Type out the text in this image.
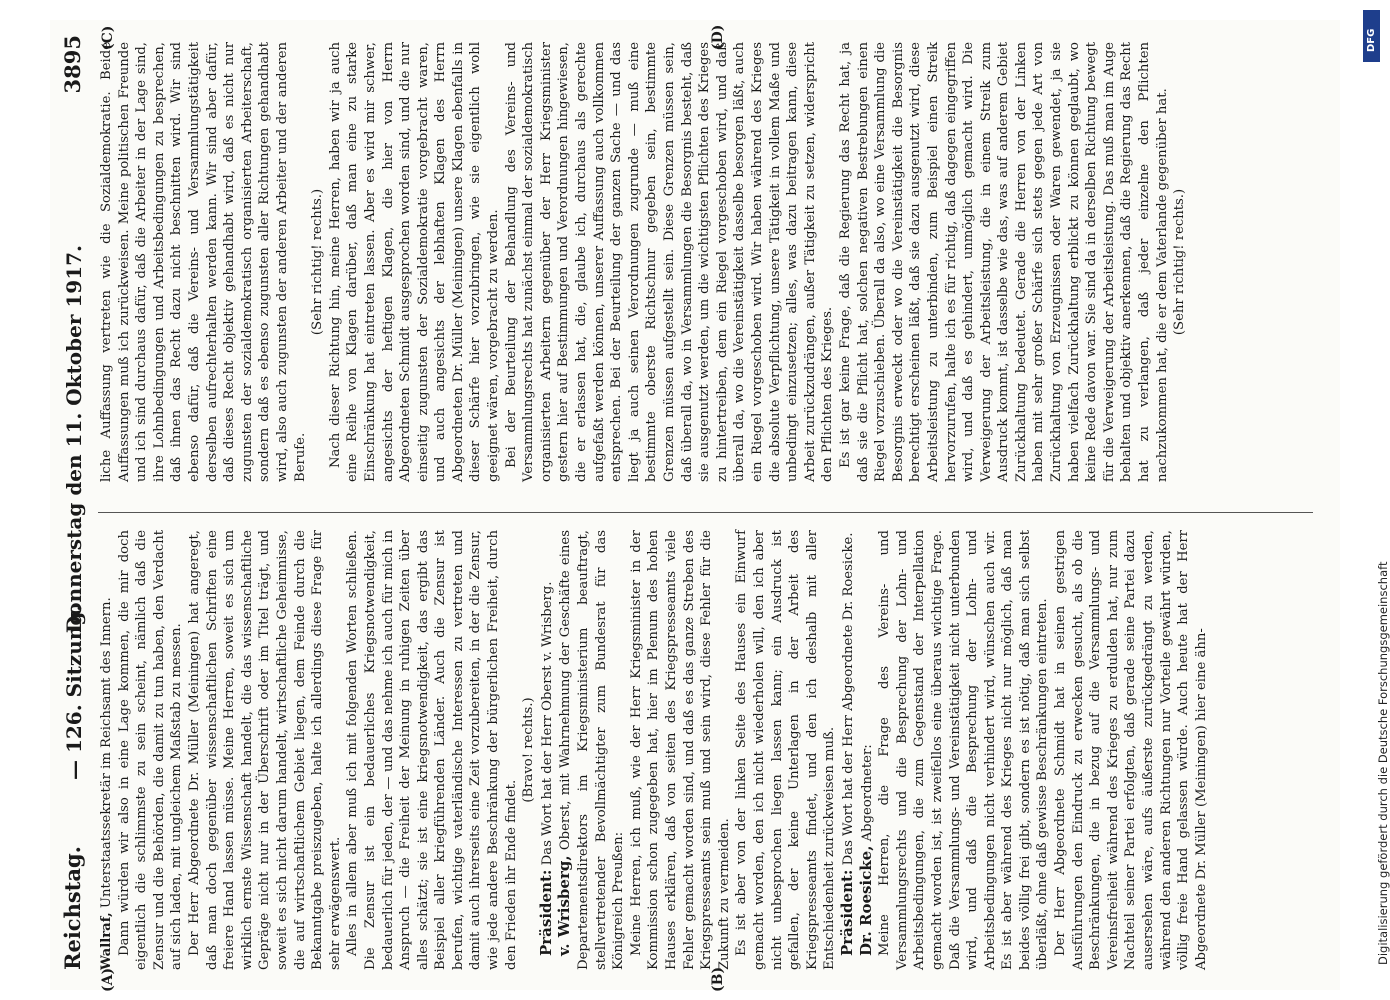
Reichstag.
— 126. Sitzung.
Donnerstag den 11. Oktober 1917.
3895
(A)	(B)
(C)	(D)

Wallraf, Unterstaatssekretär im Reichsamt des Innern. Dann würden wir also in eine Lage kommen, die mir doch eigentlich die schlimmste zu sein scheint, nämlich daß die Zensur und die Behörden, die damit zu tun haben, den Verdacht auf sich laden, mit ungleichem Maßstab zu messen. Der Herr Abgeordnete Dr. Müller (Meiningen) hat angeregt, daß man doch gegenüber wissenschaftlichen Schriften eine freiere Hand lassen müsse. Meine Herren, soweit es sich um wirklich ernste Wissenschaft handelt, die das wissenschaftliche Gepräge nicht nur in der Überschrift oder im Titel trägt, und soweit es sich nicht darum handelt, wirtschaftliche Geheimnisse, die auf wirtschaftlichem Gebiet liegen, dem Feinde durch die Bekanntgabe preiszugeben, halte ich allerdings diese Frage für sehr erwägenswert. Alles in allem aber muß ich mit folgenden Worten schließen. Die Zensur ist ein bedauerliches Kriegsnotwendigkeit, bedauerlich für jeden, der — und das nehme ich auch für mich in Anspruch — die Freiheit der Meinung in ruhigen Zeiten über alles schätzt; sie ist eine kriegsnotwendigkeit, das ergibt das Beispiel aller kriegführenden Länder. Auch die Zensur ist berufen, wichtige vaterländische Interessen zu vertreten und damit auch ihrerseits eine Zeit vorzubereiten, in der die Zensur, wie jede andere Beschränkung der bürgerlichen Freiheit, durch den Frieden ihr Ende findet.

(Bravo! rechts.)

Präsident: Das Wort hat der Herr Oberst v. Wrisberg.

v. Wrisberg, Oberst, mit Wahrnehmung der Geschäfte eines Departementsdirektors im Kriegsministerium beauftragt, stellvertretender Bevollmächtigter zum Bundesrat für das Königreich Preußen: Meine Herren, ich muß, wie der Herr Kriegsminister in der Kommission schon zugegeben hat, hier im Plenum des hohen Hauses erklären, daß von seiten des Kriegspresseamts viele Fehler gemacht worden sind, und daß es das ganze Streben des Kriegspresseamts sein muß und sein wird, diese Fehler für die Zukunft zu vermeiden. Es ist aber von der linken Seite des Hauses ein Einwurf gemacht worden, den ich nicht wiederholen will, den ich aber nicht unbesprochen liegen lassen kann; ein Ausdruck ist gefallen, der keine Unterlagen in der Arbeit des Kriegspresseamts findet, und den ich deshalb mit aller Entschiedenheit zurückweisen muß. Präsident: Das Wort hat der Herr Abgeordnete Dr. Roesicke.

Dr. Roesicke, Abgeordneter: Meine Herren, die Frage des Vereins- und Versammlungsrechts und die Besprechung der Lohn- und Arbeitsbedingungen, die zum Gegenstand der Interpellation gemacht worden ist, ist zweifellos eine überaus wichtige Frage. Daß die Versammlungs- und Vereinstätigkeit nicht unterbunden wird, und daß die Besprechung der Lohn- und Arbeitsbedingungen nicht verhindert wird, wünschen auch wir. Es ist aber während des Krieges nicht nur möglich, daß man beides völlig frei gibt, sondern es ist nötig, daß man sich selbst überläßt, ohne daß gewisse Beschränkungen eintreten. Der Herr Abgeordnete Schmidt hat in seinen gestrigen Ausführungen den Eindruck zu erwecken gesucht, als ob die Beschränkungen, die in bezug auf die Versammlungs- und Vereinsfreiheit während des Krieges zu erdulden hat, nur zum Nachteil seiner Partei erfolgten, daß gerade seine Partei dazu ausersehen wäre, aufs äußerste zurückgedrängt zu werden, während den anderen Richtungen nur Vorteile gewährt würden, völlig freie Hand gelassen würde. Auch heute hat der Herr Abgeordnete Dr. Müller (Meiningen) hier eine ähn-

liche Auffassung vertreten wie die Sozialdemokratie. Beide Auffassungen muß ich zurückweisen. Meine politischen Freunde und ich sind durchaus dafür, daß die Arbeiter in der Lage sind, ihre Lohnbedingungen und Arbeitsbedingungen zu besprechen, daß ihnen das Recht dazu nicht beschnitten wird. Wir sind ebenso dafür, daß die Vereins- und Versammlungstätigkeit derselben aufrechterhalten werden kann. Wir sind aber dafür, daß dieses Recht objektiv gehandhabt wird, daß es nicht nur zugunsten der sozialdemokratisch organisierten Arbeiterschaft, sondern daß es ebenso zugunsten aller Richtungen gehandhabt wird, also auch zugunsten der anderen Arbeiter und der anderen Berufe.

(Sehr richtig! rechts.) Nach dieser Richtung hin, meine Herren, haben wir ja auch eine Reihe von Klagen darüber, daß man eine zu starke Einschränkung hat eintreten lassen. Aber es wird mir schwer, angesichts der heftigen Klagen, die hier von Herrn Abgeordneten Schmidt ausgesprochen worden sind, und die nur einseitig zugunsten der Sozialdemokratie vorgebracht waren, und auch angesichts der lebhaften Klagen des Herrn Abgeordneten Dr. Müller (Meiningen) unsere Klagen ebenfalls in dieser Schärfe hier vorzubringen, wie sie eigentlich wohl geeignet wären, vorgebracht zu werden. Bei der Beurteilung der Behandlung des Vereins- und Versammlungsrechts hat zunächst einmal der sozialdemokratisch organisierten Arbeitern gegenüber der Herr Kriegsminister gestern hier auf Bestimmungen und Verordnungen hingewiesen, die er erlassen hat, die, glaube ich, durchaus als gerechte aufgefaßt werden können, unserer Auffassung auch vollkommen entsprechen. Bei der Beurteilung der ganzen Sache — und das liegt ja auch seinen Verordnungen zugrunde — muß eine bestimmte oberste Richtschnur gegeben sein, bestimmte Grenzen müssen aufgestellt sein. Diese Grenzen müssen sein, daß überall da, wo in Versammlungen die Besorgnis besteht, daß sie ausgenutzt werden, um die wichtigsten Pflichten des Krieges zu hintertreiben, dem ein Riegel vorgeschoben wird, und daß überall da, wo die Vereinstätigkeit dasselbe besorgen läßt, auch ein Riegel vorgeschoben wird. Wir haben während des Krieges die absolute Verpflichtung, unsere Tätigkeit in vollem Maße und unbedingt einzusetzen; alles, was dazu beitragen kann, diese Arbeit zurückzudrängen, außer Tätigkeit zu setzen, widerspricht den Pflichten des Krieges. Es ist gar keine Frage, daß die Regierung das Recht hat, ja daß sie die Pflicht hat, solchen negativen Bestrebungen einen Riegel vorzuschieben. Überall da also, wo eine Versammlung die Besorgnis erweckt oder wo die Vereinstätigkeit die Besorgnis berechtigt erscheinen läßt, daß sie dazu ausgenutzt wird, diese Arbeitsleistung zu unterbinden, zum Beispiel einen Streik hervorzurufen, halte ich es für richtig, daß dagegen eingegriffen wird, und daß es gehindert, unmöglich gemacht wird. Die Verweigerung der Arbeitsleistung, die in einem Streik zum Ausdruck kommt, ist dasselbe wie das, was auf anderem Gebiet Zurückhaltung bedeutet. Gerade die Herren von der Linken haben mit sehr großer Schärfe sich stets gegen jede Art von Zurückhaltung von Erzeugnissen oder Waren gewendet, ja sie haben vielfach Zurückhaltung erblickt zu können geglaubt, wo keine Rede davon war. Sie sind da in derselben Richtung bewegt für die Verweigerung der Arbeitsleistung. Das muß man im Auge behalten und objektiv anerkennen, daß die Regierung das Recht hat zu verlangen, daß jeder einzelne den Pflichten nachzukommen hat, die er dem Vaterlande gegenüber hat. (Sehr richtig! rechts.)

DFG
Digitalisierung gefördert durch die Deutsche Forschungsgemeinschaft
